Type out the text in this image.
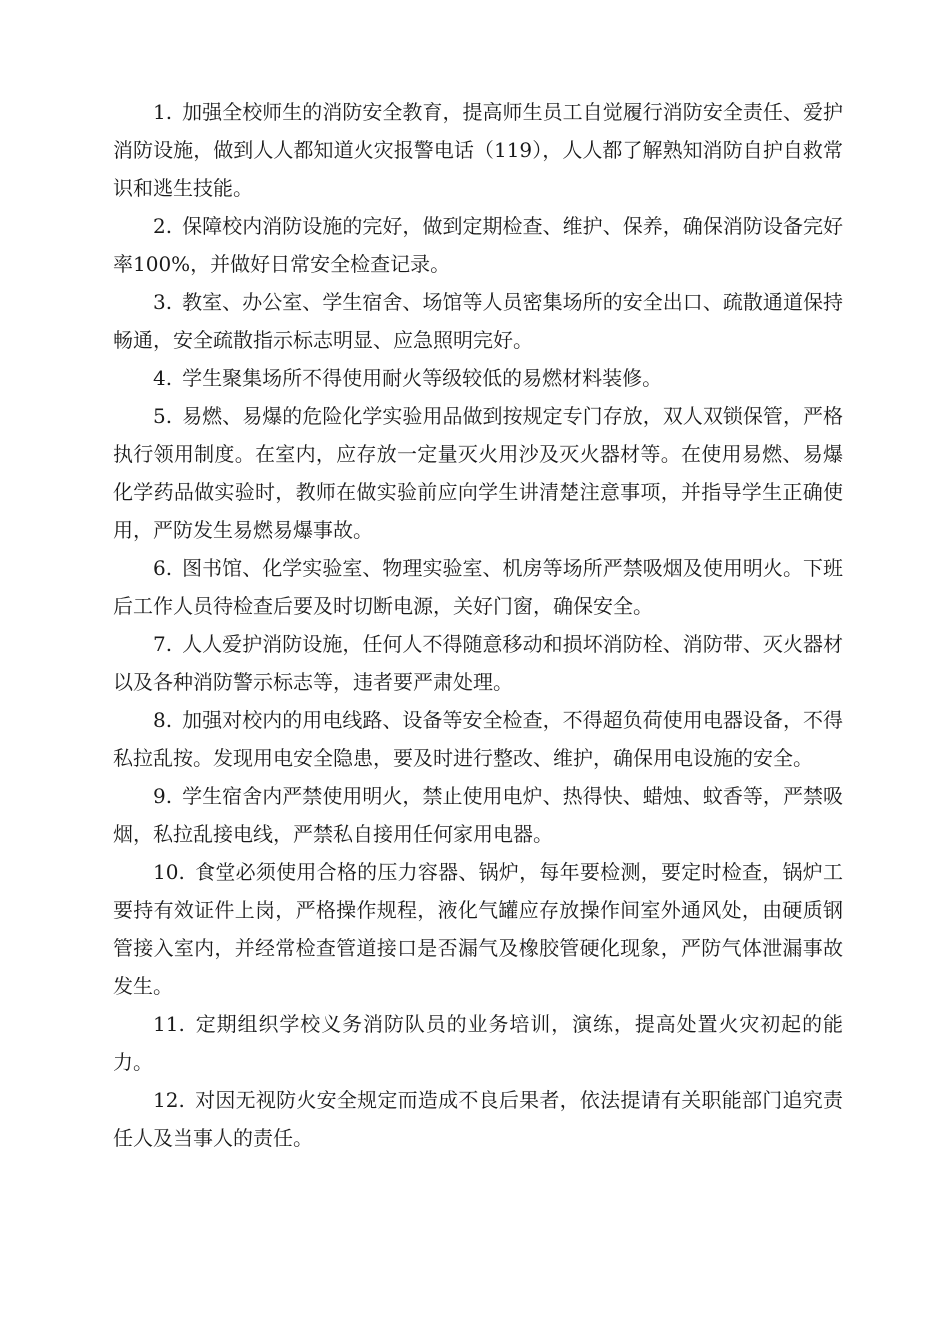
1. 加强全校师生的消防安全教育，提高师生员工自觉履行消防安全责任、爱护消防设施，做到人人都知道火灾报警电话（119），人人都了解熟知消防自护自救常识和逃生技能。

2. 保障校内消防设施的完好，做到定期检查、维护、保养，确保消防设备完好率100%，并做好日常安全检查记录。

3. 教室、办公室、学生宿舍、场馆等人员密集场所的安全出口、疏散通道保持畅通，安全疏散指示标志明显、应急照明完好。

4. 学生聚集场所不得使用耐火等级较低的易燃材料装修。

5. 易燃、易爆的危险化学实验用品做到按规定专门存放，双人双锁保管，严格执行领用制度。在室内，应存放一定量灭火用沙及灭火器材等。在使用易燃、易爆化学药品做实验时，教师在做实验前应向学生讲清楚注意事项，并指导学生正确使用，严防发生易燃易爆事故。

6. 图书馆、化学实验室、物理实验室、机房等场所严禁吸烟及使用明火。下班后工作人员待检查后要及时切断电源，关好门窗，确保安全。

7. 人人爱护消防设施，任何人不得随意移动和损坏消防栓、消防带、灭火器材以及各种消防警示标志等，违者要严肃处理。

8. 加强对校内的用电线路、设备等安全检查，不得超负荷使用电器设备，不得私拉乱按。发现用电安全隐患，要及时进行整改、维护，确保用电设施的安全。

9. 学生宿舍内严禁使用明火，禁止使用电炉、热得快、蜡烛、蚊香等，严禁吸烟，私拉乱接电线，严禁私自接用任何家用电器。

10. 食堂必须使用合格的压力容器、锅炉，每年要检测，要定时检查，锅炉工要持有效证件上岗，严格操作规程，液化气罐应存放操作间室外通风处，由硬质钢管接入室内，并经常检查管道接口是否漏气及橡胶管硬化现象，严防气体泄漏事故发生。

11. 定期组织学校义务消防队员的业务培训，演练，提高处置火灾初起的能力。

12. 对因无视防火安全规定而造成不良后果者，依法提请有关职能部门追究责任人及当事人的责任。
